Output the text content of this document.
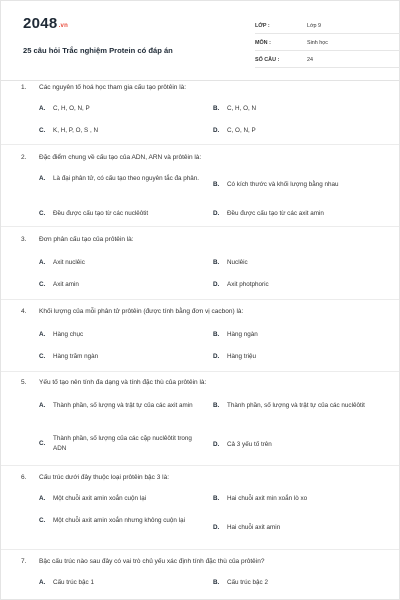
2048.vn
25 câu hỏi Trắc nghiệm Protein có đáp án
LỚP :	Lớp 9
MÔN :	Sinh học
SỐ CÂU :	24
1.	Các nguyên tố hoá học tham gia cấu tạo prôtêin là:
A.	C, H, O, N, P	B.	C, H, O, N
C.	K, H, P, O, S , N	D.	C, O, N, P
2.	Đặc điểm chung về cấu tạo của ADN, ARN và prôtêin là:
A.	Là đại phân tử, có cấu tạo theo nguyên tắc đa phân.
B.	Có kích thước và khối lượng bằng nhau
C.	Đều được cấu tạo từ các nuclêôtit	D.	Đều được cấu tạo từ các axit amin
3.	Đơn phân cấu tạo của prôtêin là:
A.	Axit nuclêic	B.	Nuclêic
C.	Axit amin	D.	Axit photphoric
4.	Khối lượng của mỗi phân tử prôtêin (được tính bằng đơn vị cacbon) là:
A.	Hàng chục	B.	Hàng ngàn
C.	Hàng trăm ngàn	D.	Hàng triệu
5.	Yếu tố tạo nên tính đa dạng và tính đặc thù của prôtêin là:
A.	Thành phần, số lượng và trật tự của các axit amin	B.	Thành phần, số lượng và trật tự của các nuclêôtit
C.
Thành phần, số lượng của các cặp nuclêôtit trong ADN
D.	Cả 3 yếu tố trên
6.	Cấu trúc dưới đây thuộc loại prôtêin bậc 3 là:
A.	Một chuỗi axit amin xoắn cuộn lại	B.	Hai chuỗi axit min xoắn lò xo
C.	Một chuỗi axit amin xoắn nhưng không cuộn lại
D.	Hai chuỗi axit amin
7.	Bậc cấu trúc nào sau đây có vai trò chủ yếu xác định tính đặc thù của prôtêin?
A.	Cấu trúc bậc 1	B.	Cấu trúc bậc 2
